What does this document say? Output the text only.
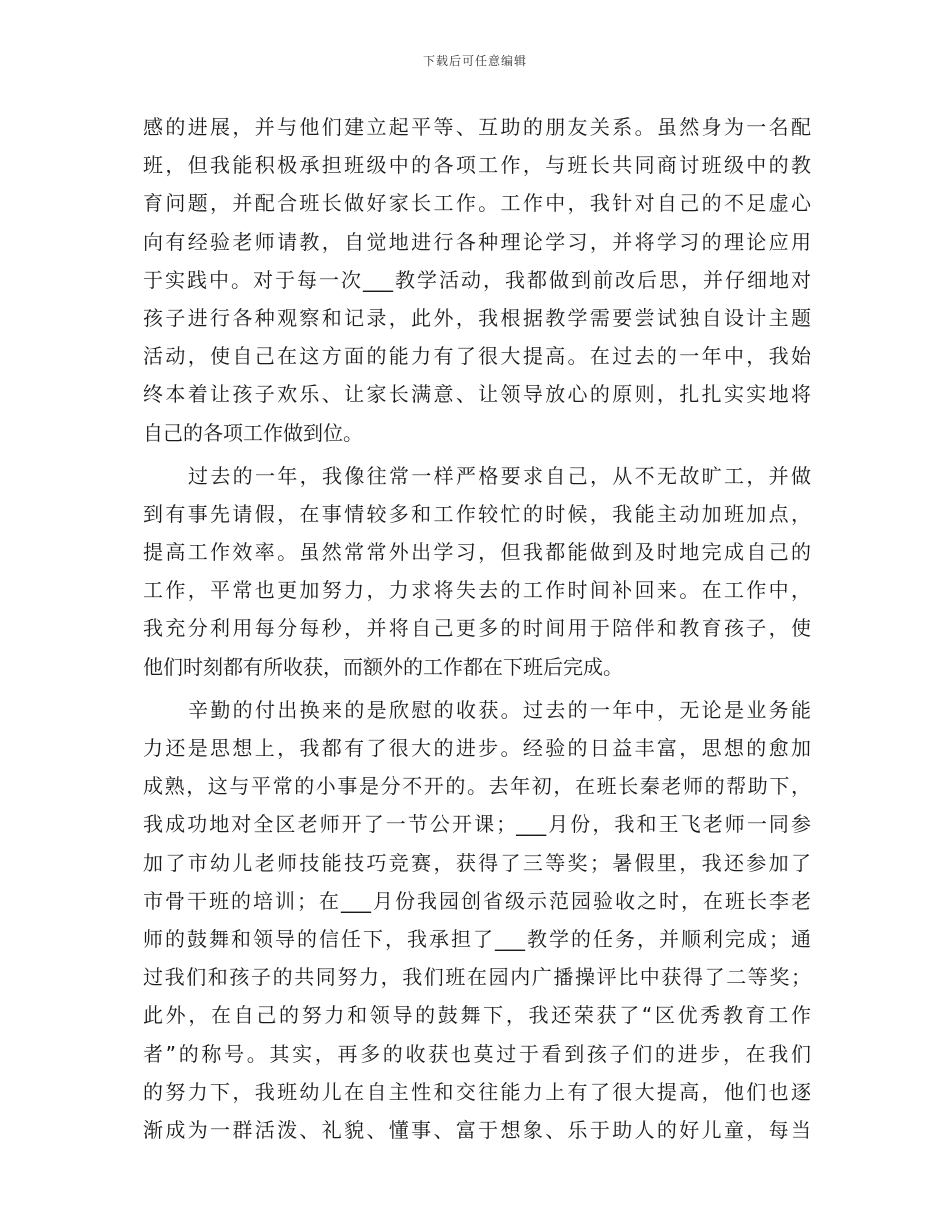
下载后可任意编辑
感的进展，并与他们建立起平等、互助的朋友关系。虽然身为一名配
班，但我能积极承担班级中的各项工作，与班长共同商讨班级中的教
育问题，并配合班长做好家长工作。工作中，我针对自己的不足虚心
向有经验老师请教，自觉地进行各种理论学习，并将学习的理论应用
于实践中。对于每一次___教学活动，我都做到前改后思，并仔细地对
孩子进行各种观察和记录，此外，我根据教学需要尝试独自设计主题
活动，使自己在这方面的能力有了很大提高。在过去的一年中，我始
终本着让孩子欢乐、让家长满意、让领导放心的原则，扎扎实实地将
自己的各项工作做到位。
过去的一年，我像往常一样严格要求自己，从不无故旷工，并做
到有事先请假，在事情较多和工作较忙的时候，我能主动加班加点，
提高工作效率。虽然常常外出学习，但我都能做到及时地完成自己的
工作，平常也更加努力，力求将失去的工作时间补回来。在工作中，
我充分利用每分每秒，并将自己更多的时间用于陪伴和教育孩子，使
他们时刻都有所收获，而额外的工作都在下班后完成。
辛勤的付出换来的是欣慰的收获。过去的一年中，无论是业务能
力还是思想上，我都有了很大的进步。经验的日益丰富，思想的愈加
成熟，这与平常的小事是分不开的。去年初，在班长秦老师的帮助下，
我成功地对全区老师开了一节公开课；___月份，我和王飞老师一同参
加了市幼儿老师技能技巧竞赛，获得了三等奖；暑假里，我还参加了
市骨干班的培训；在___月份我园创省级示范园验收之时，在班长李老
师的鼓舞和领导的信任下，我承担了___教学的任务，并顺利完成；通
过我们和孩子的共同努力，我们班在园内广播操评比中获得了二等奖；
此外，在自己的努力和领导的鼓舞下，我还荣获了“区优秀教育工作
者”的称号。其实，再多的收获也莫过于看到孩子们的进步，在我们
的努力下，我班幼儿在自主性和交往能力上有了很大提高，他们也逐
渐成为一群活泼、礼貌、懂事、富于想象、乐于助人的好儿童，每当
